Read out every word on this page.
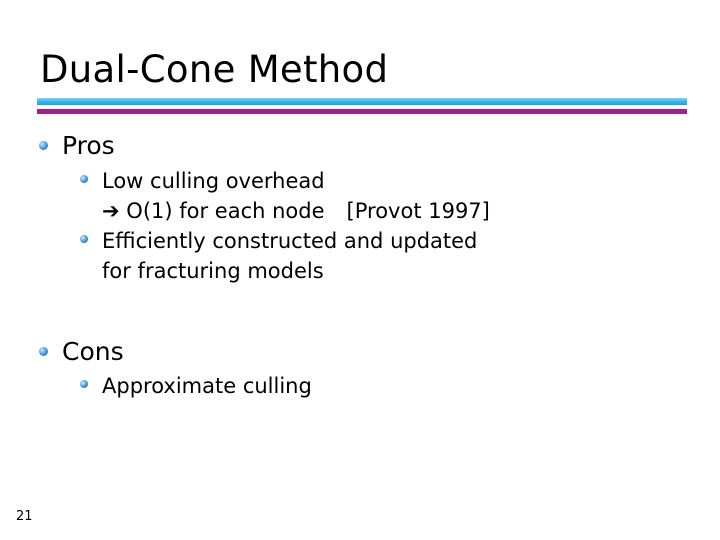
Dual-Cone Method
Pros
Low culling overhead
➔ O(1) for each node [Provot 1997]
Efficiently constructed and updated
for fracturing models
Cons
Approximate culling
21
